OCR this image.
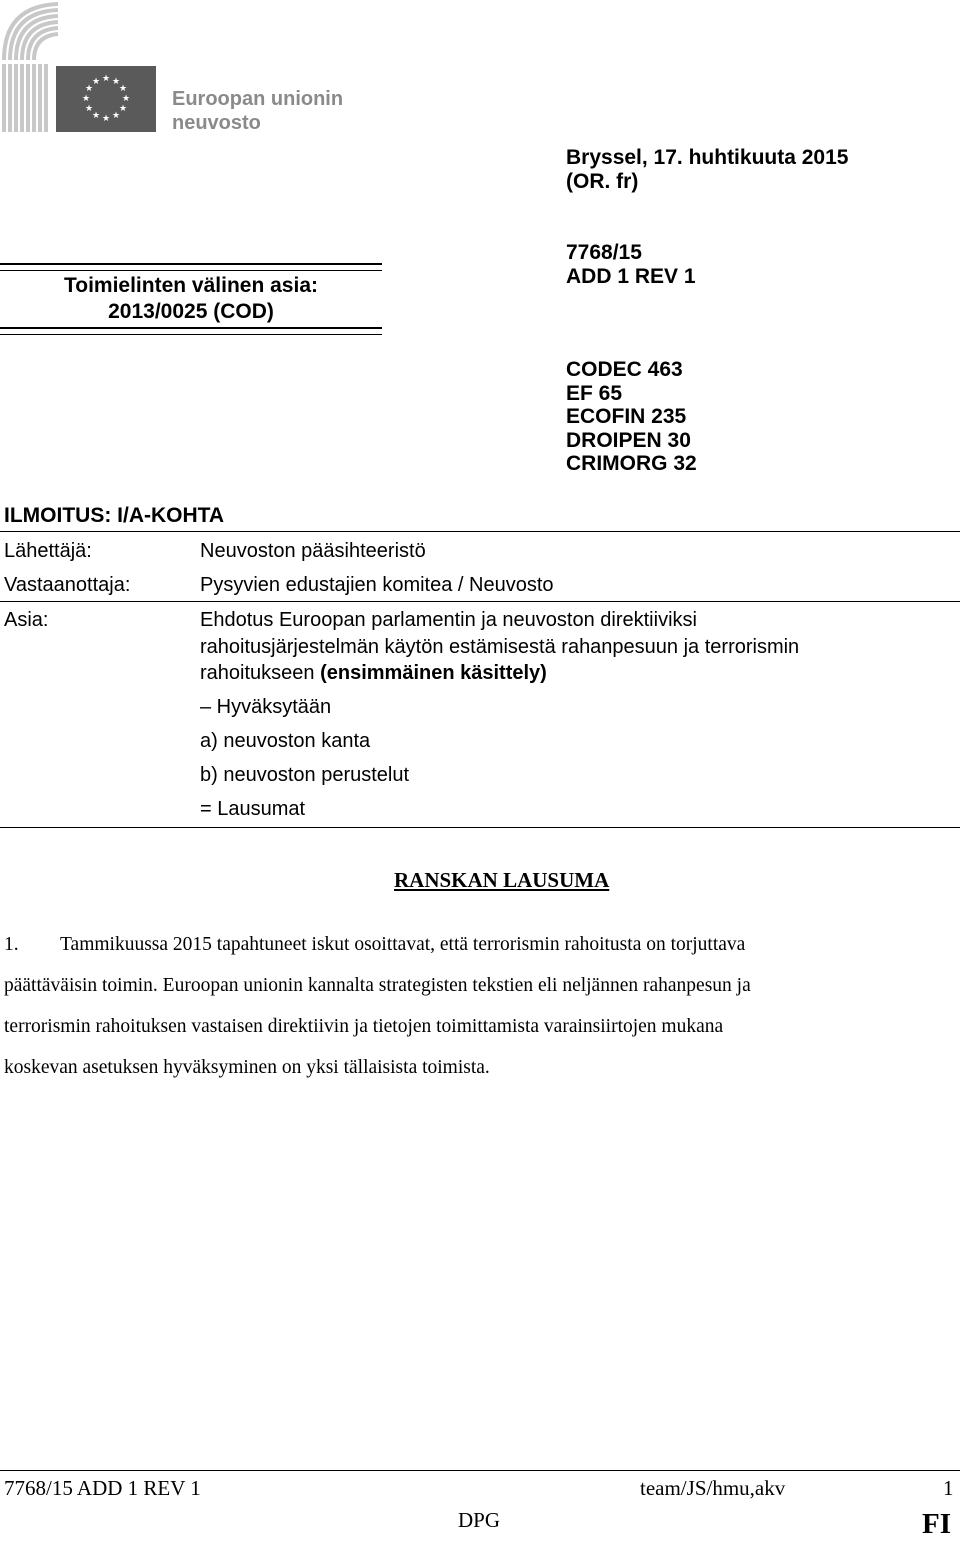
★ ★
★
★
★
★
★
★
★
★
★
★
Euroopan unionin
neuvosto
Bryssel, 17. huhtikuuta 2015
(OR. fr)
Toimielinten välinen asia:
2013/0025 (COD)
7768/15
ADD 1 REV 1
CODEC 463
EF 65
ECOFIN 235
DROIPEN 30
CRIMORG 32
ILMOITUS: I/A-KOHTA
Lähettäjä:	Neuvoston pääsihteeristö
Vastaanottaja:	Pysyvien edustajien komitea / Neuvosto
Asia:	Ehdotus Euroopan parlamentin ja neuvoston direktiiviksi
rahoitusjärjestelmän käytön estämisestä rahanpesuun ja terrorismin
rahoitukseen (ensimmäinen käsittely)
– Hyväksytään
a) neuvoston kanta
b) neuvoston perustelut
= Lausumat
RANSKAN LAUSUMA
1. Tammikuussa 2015 tapahtuneet iskut osoittavat, että terrorismin rahoitusta on torjuttava
päättäväisin toimin. Euroopan unionin kannalta strategisten tekstien eli neljännen rahanpesun ja
terrorismin rahoituksen vastaisen direktiivin ja tietojen toimittamista varainsiirtojen mukana
koskevan asetuksen hyväksyminen on yksi tällaisista toimista.
7768/15 ADD 1 REV 1	team/JS/hmu,akv	1
DPG	FI
